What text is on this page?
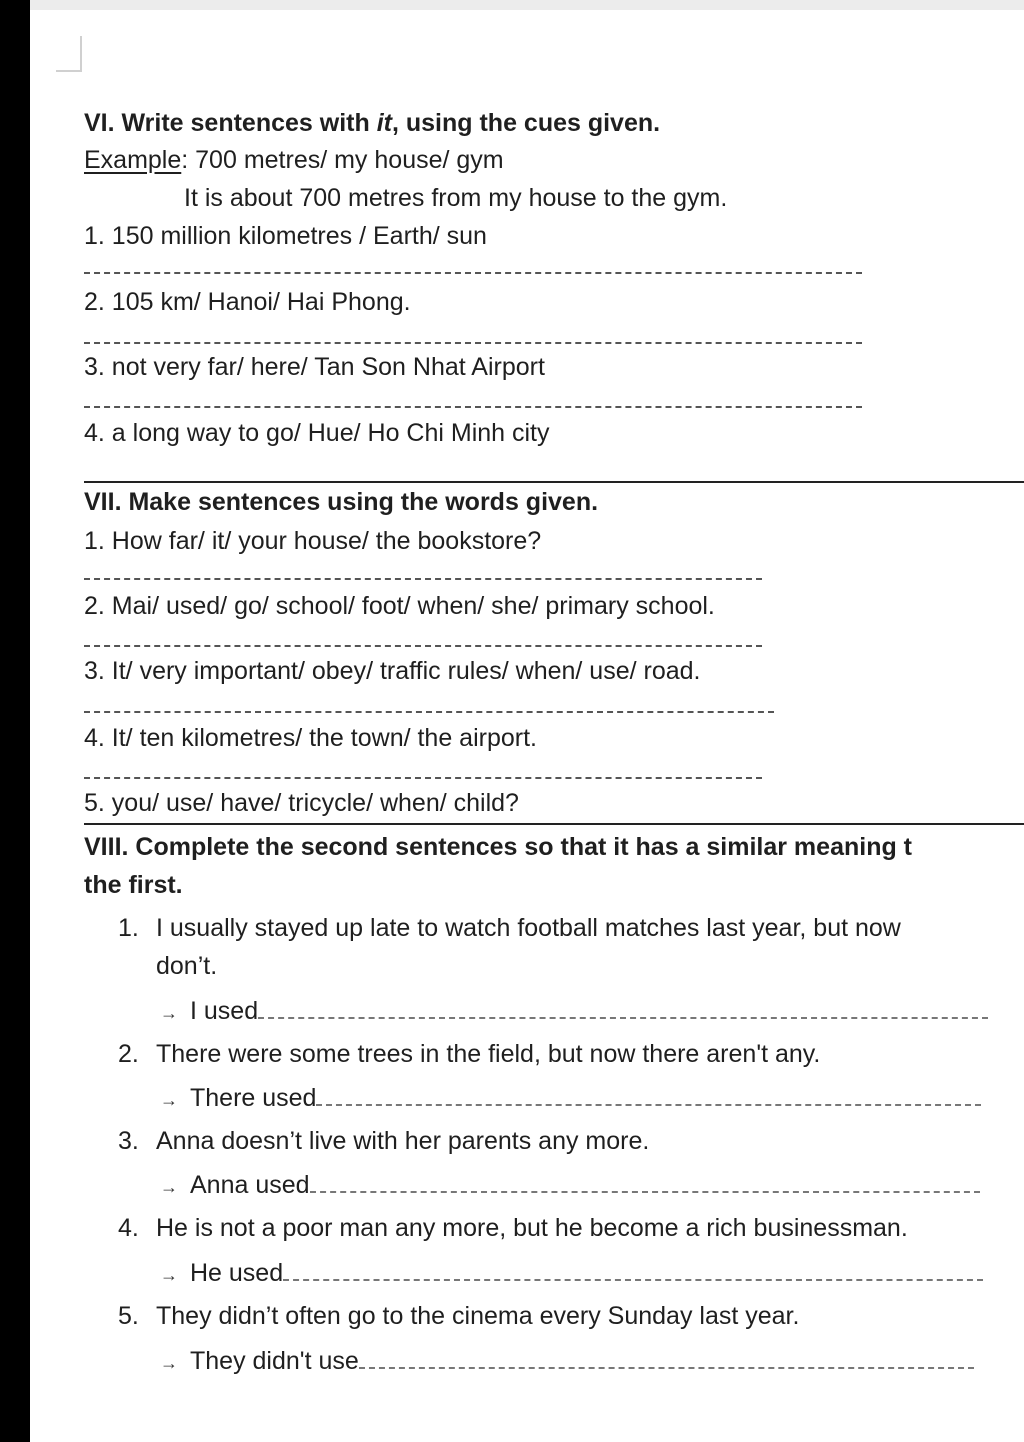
VI. Write sentences with it, using the cues given.
Example: 700 metres/ my house/ gym
It is about 700 metres from my house to the gym.
1. 150 million kilometres / Earth/ sun
2. 105 km/ Hanoi/ Hai Phong.
3. not very far/ here/ Tan Son Nhat Airport
4. a long way to go/ Hue/ Ho Chi Minh city
VII. Make sentences using the words given.
1. How far/ it/ your house/ the bookstore?
2. Mai/ used/ go/ school/ foot/ when/ she/ primary school.
3. It/ very important/ obey/ traffic rules/ when/ use/ road.
4. It/ ten kilometres/ the town/ the airport.
5. you/ use/ have/ tricycle/ when/ child?
VIII. Complete the second sentences so that it has a similar meaning t
the first.
1. I usually stayed up late to watch football matches last year, but now
don’t.
→ I used
2. There were some trees in the field, but now there aren't any.
→ There used
3. Anna doesn’t live with her parents any more.
→ Anna used
4. He is not a poor man any more, but he become a rich businessman.
→ He used
5. They didn’t often go to the cinema every Sunday last year.
→ They didn't use
